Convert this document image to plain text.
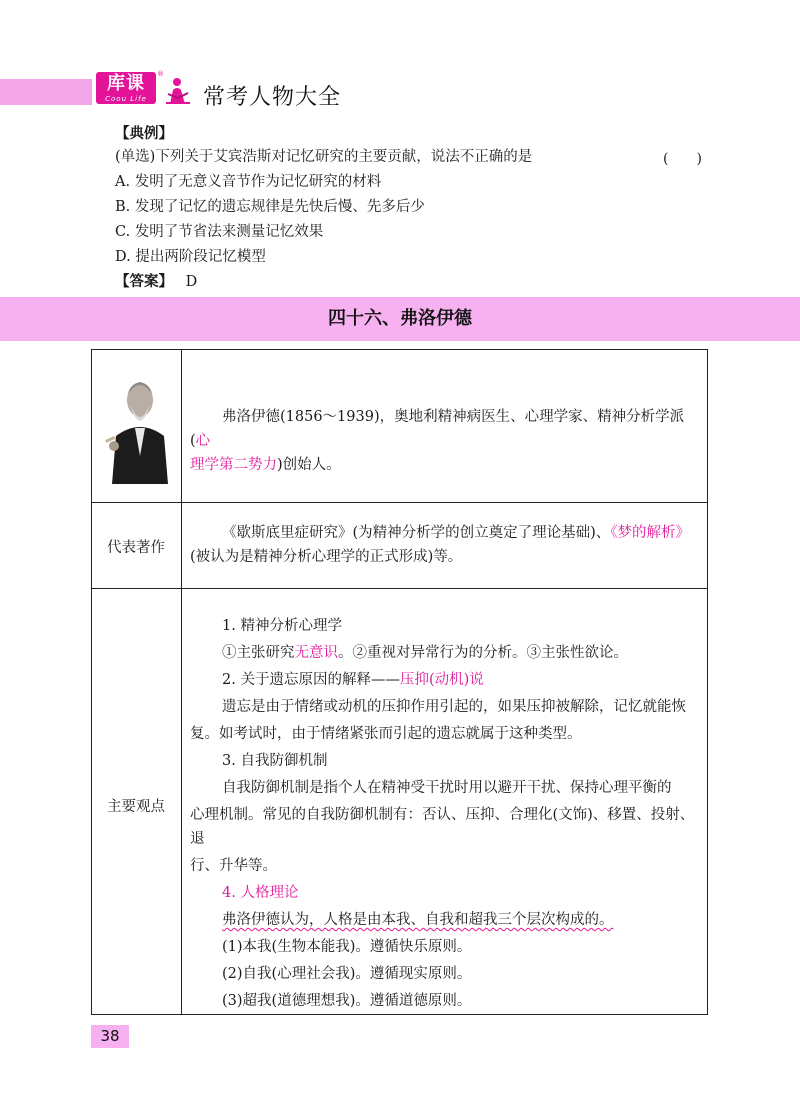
库课
Coou Life
®
常考人物大全
【典例】
(单选)下列关于艾宾浩斯对记忆研究的主要贡献，说法不正确的是	(　　)
A. 发明了无意义音节作为记忆研究的材料
B. 发现了记忆的遗忘规律是先快后慢、先多后少
C. 发明了节省法来测量记忆效果
D. 提出两阶段记忆模型
【答案】 D
四十六、弗洛伊德
弗洛伊德(1856～1939)，奥地利精神病医生、心理学家、精神分析学派(心
理学第二势力)创始人。
代表著作
《歇斯底里症研究》(为精神分析学的创立奠定了理论基础)、《梦的解析》
(被认为是精神分析心理学的正式形成)等。
主要观点
1. 精神分析心理学
①主张研究无意识。②重视对异常行为的分析。③主张性欲论。
2. 关于遗忘原因的解释——压抑(动机)说
遗忘是由于情绪或动机的压抑作用引起的，如果压抑被解除，记忆就能恢
复。如考试时，由于情绪紧张而引起的遗忘就属于这种类型。
3. 自我防御机制
自我防御机制是指个人在精神受干扰时用以避开干扰、保持心理平衡的
心理机制。常见的自我防御机制有：否认、压抑、合理化(文饰)、移置、投射、退
行、升华等。
4. 人格理论
弗洛伊德认为，人格是由本我、自我和超我三个层次构成的。
(1)本我(生物本能我)。遵循快乐原则。
(2)自我(心理社会我)。遵循现实原则。
(3)超我(道德理想我)。遵循道德原则。
38
